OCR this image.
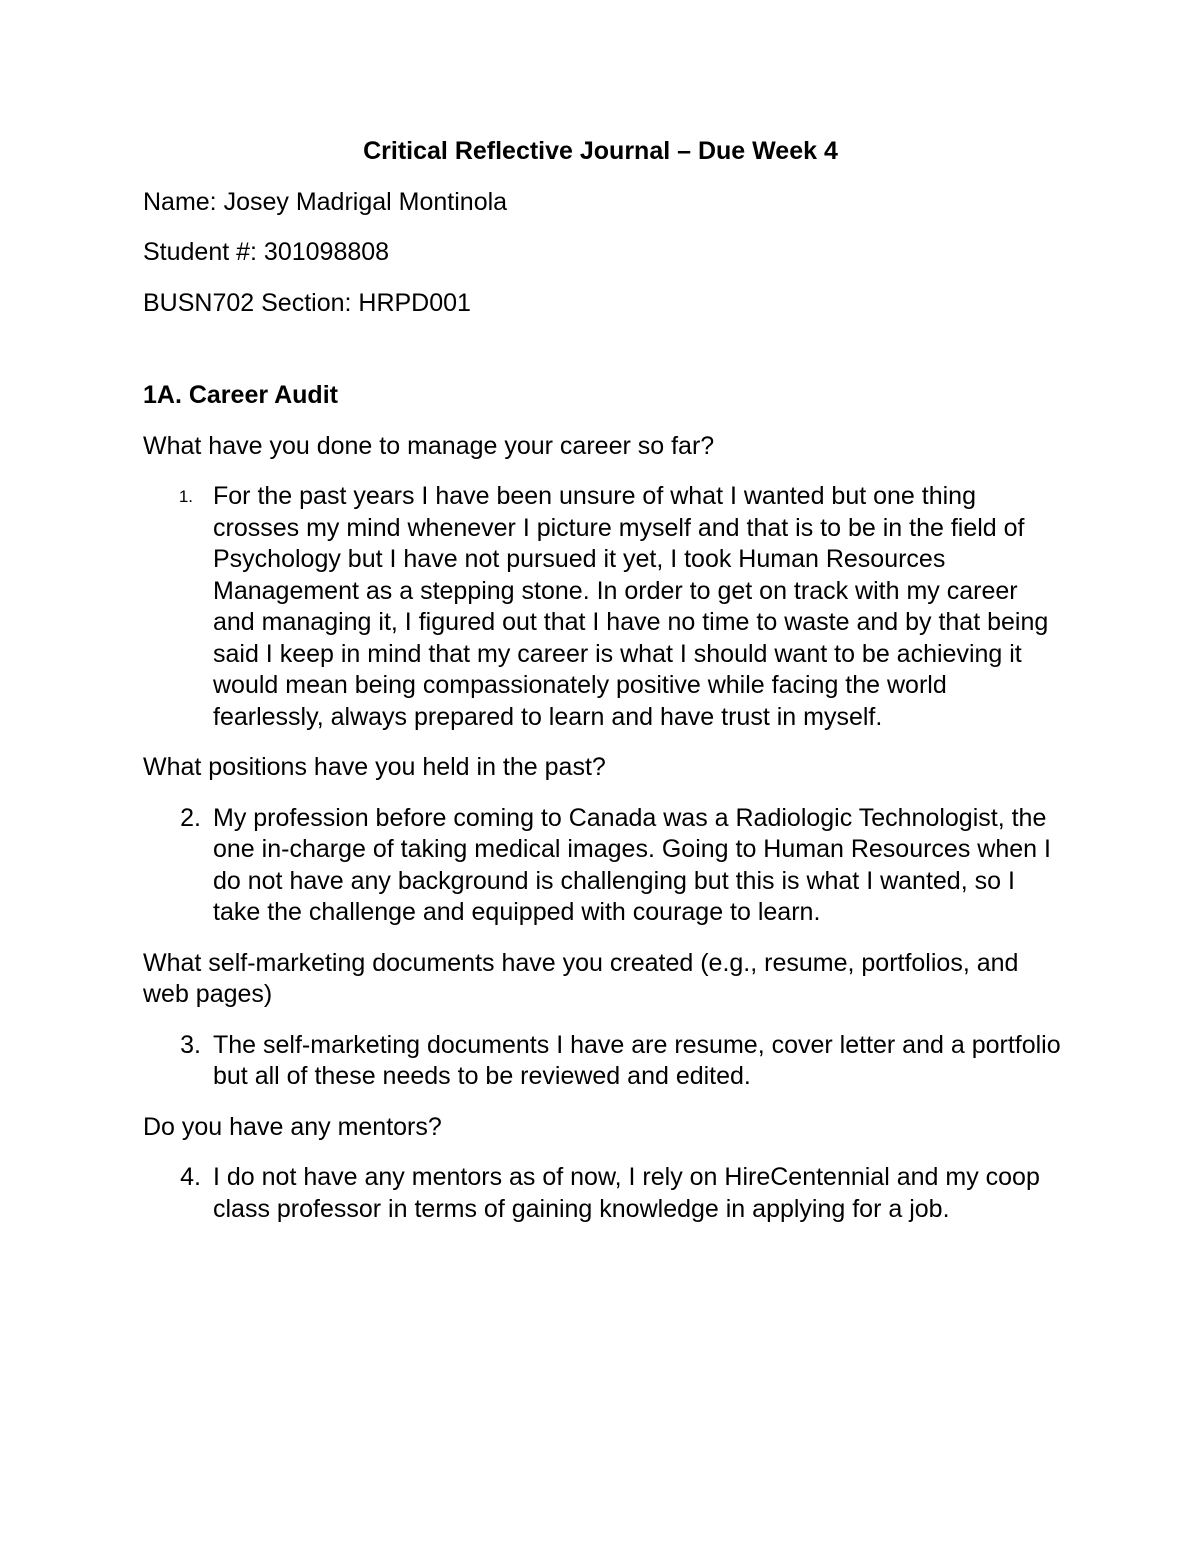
Critical Reflective Journal – Due Week 4
Name: Josey Madrigal Montinola
Student #: 301098808
BUSN702 Section: HRPD001
1A. Career Audit
What have you done to manage your career so far?
1. For the past years I have been unsure of what I wanted but one thing crosses my mind whenever I picture myself and that is to be in the field of Psychology but I have not pursued it yet, I took Human Resources Management as a stepping stone. In order to get on track with my career and managing it, I figured out that I have no time to waste and by that being said I keep in mind that my career is what I should want to be achieving it would mean being compassionately positive while facing the world fearlessly, always prepared to learn and have trust in myself.
What positions have you held in the past?
2. My profession before coming to Canada was a Radiologic Technologist, the one in-charge of taking medical images. Going to Human Resources when I do not have any background is challenging but this is what I wanted, so I take the challenge and equipped with courage to learn.
What self-marketing documents have you created (e.g., resume, portfolios, and web pages)
3. The self-marketing documents I have are resume, cover letter and a portfolio but all of these needs to be reviewed and edited.
Do you have any mentors?
4. I do not have any mentors as of now, I rely on HireCentennial and my coop class professor in terms of gaining knowledge in applying for a job.
